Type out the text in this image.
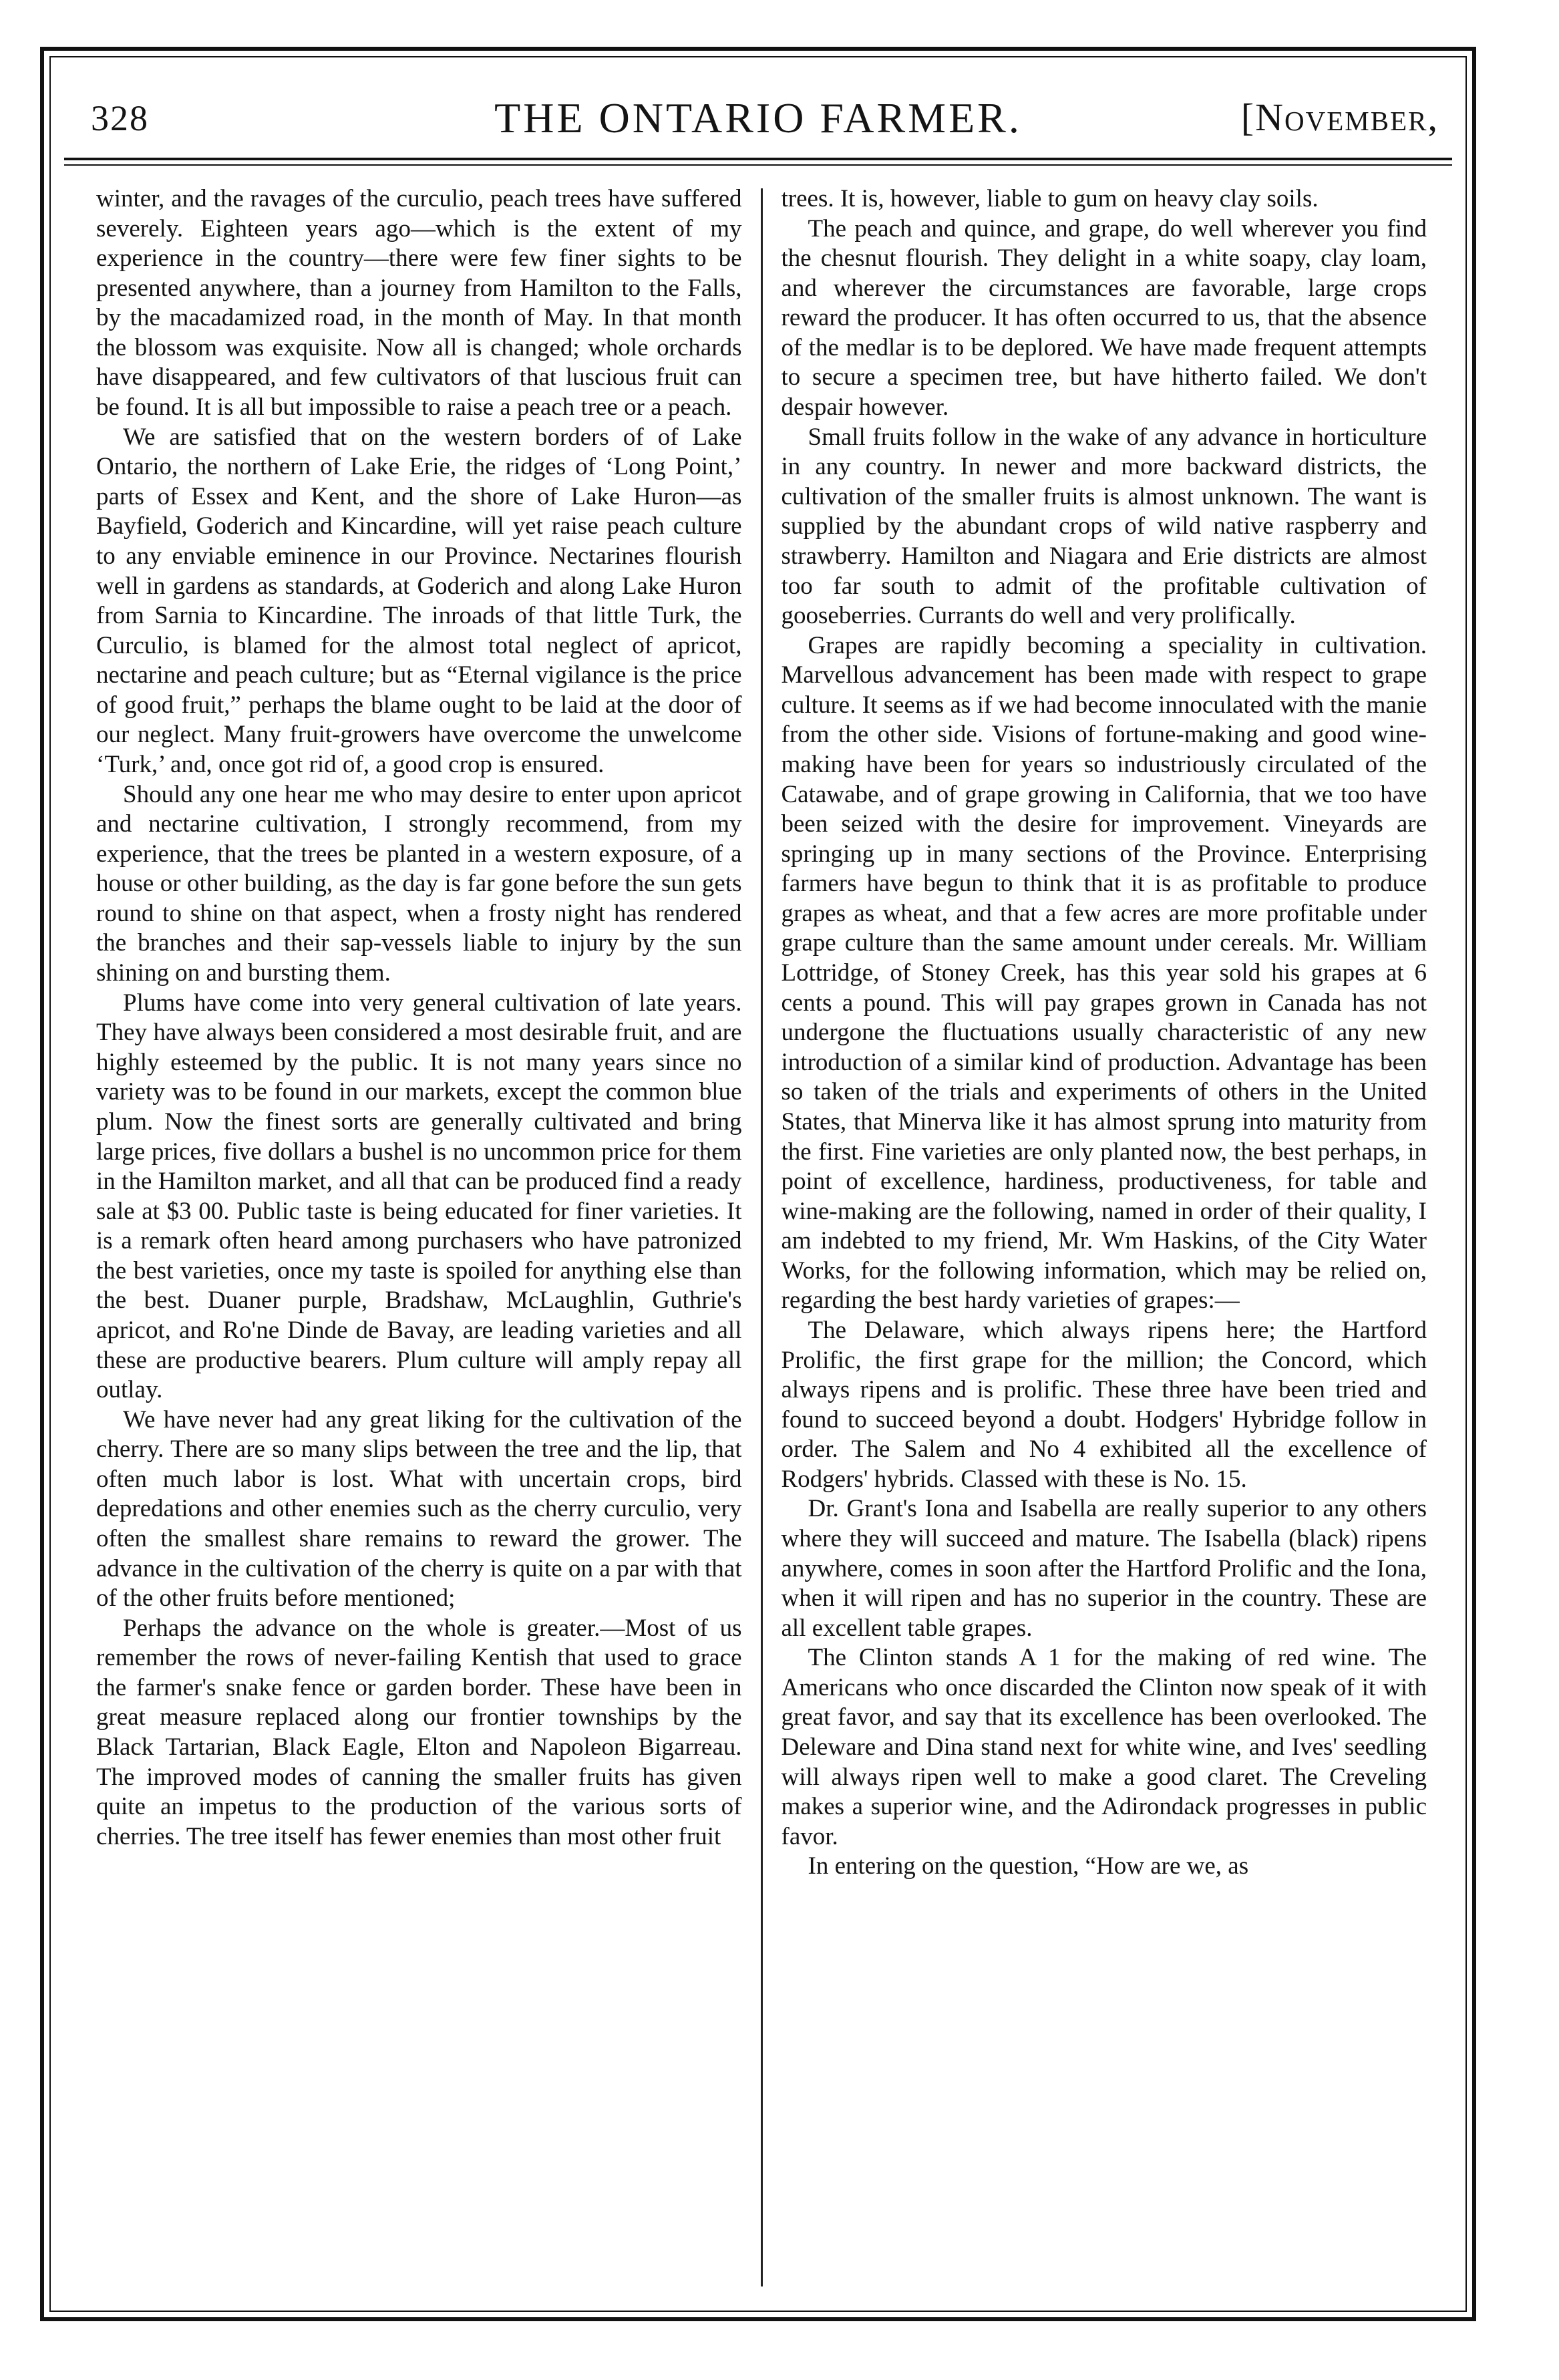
328	THE ONTARIO FARMER.	[November,

winter, and the ravages of the curculio, peach trees have suffered severely. Eighteen years ago—which is the extent of my experience in the country—there were few finer sights to be presented anywhere, than a journey from Hamilton to the Falls, by the macadamized road, in the month of May. In that month the blossom was exquisite. Now all is changed; whole orchards have disappeared, and few cultivators of that luscious fruit can be found. It is all but impossible to raise a peach tree or a peach.

We are satisfied that on the western borders of of Lake Ontario, the northern of Lake Erie, the ridges of ‘Long Point,’ parts of Essex and Kent, and the shore of Lake Huron—as Bayfield, Goderich and Kincardine, will yet raise peach culture to any enviable eminence in our Province. Nectarines flourish well in gardens as standards, at Goderich and along Lake Huron from Sarnia to Kincardine. The inroads of that little Turk, the Curculio, is blamed for the almost total neglect of apricot, nectarine and peach culture; but as “Eternal vigilance is the price of good fruit,” perhaps the blame ought to be laid at the door of our neglect. Many fruit-growers have overcome the unwelcome ‘Turk,’ and, once got rid of, a good crop is ensured.

Should any one hear me who may desire to enter upon apricot and nectarine cultivation, I strongly recommend, from my experience, that the trees be planted in a western exposure, of a house or other building, as the day is far gone before the sun gets round to shine on that aspect, when a frosty night has rendered the branches and their sap-vessels liable to injury by the sun shining on and bursting them.

Plums have come into very general cultivation of late years. They have always been considered a most desirable fruit, and are highly esteemed by the public. It is not many years since no variety was to be found in our markets, except the common blue plum. Now the finest sorts are generally cultivated and bring large prices, five dollars a bushel is no uncommon price for them in the Hamilton market, and all that can be produced find a ready sale at $3 00. Public taste is being educated for finer varieties. It is a remark often heard among purchasers who have patronized the best varieties, once my taste is spoiled for anything else than the best. Duaner purple, Bradshaw, McLaughlin, Guthrie's apricot, and Ro'ne Dinde de Bavay, are leading varieties and all these are productive bearers. Plum culture will amply repay all outlay.

We have never had any great liking for the cultivation of the cherry. There are so many slips between the tree and the lip, that often much labor is lost. What with uncertain crops, bird depredations and other enemies such as the cherry curculio, very often the smallest share remains to reward the grower. The advance in the cultivation of the cherry is quite on a par with that of the other fruits before mentioned;

Perhaps the advance on the whole is greater.—Most of us remember the rows of never-failing Kentish that used to grace the farmer's snake fence or garden border. These have been in great measure replaced along our frontier townships by the Black Tartarian, Black Eagle, Elton and Napoleon Bigarreau. The improved modes of canning the smaller fruits has given quite an impetus to the production of the various sorts of cherries. The tree itself has fewer enemies than most other fruit

trees. It is, however, liable to gum on heavy clay soils.

The peach and quince, and grape, do well wherever you find the chesnut flourish. They delight in a white soapy, clay loam, and wherever the circumstances are favorable, large crops reward the producer. It has often occurred to us, that the absence of the medlar is to be deplored. We have made frequent attempts to secure a specimen tree, but have hitherto failed. We don't despair however.

Small fruits follow in the wake of any advance in horticulture in any country. In newer and more backward districts, the cultivation of the smaller fruits is almost unknown. The want is supplied by the abundant crops of wild native raspberry and strawberry. Hamilton and Niagara and Erie districts are almost too far south to admit of the profitable cultivation of gooseberries. Currants do well and very prolifically.

Grapes are rapidly becoming a speciality in cultivation. Marvellous advancement has been made with respect to grape culture. It seems as if we had become innoculated with the manie from the other side. Visions of fortune-making and good wine-making have been for years so industriously circulated of the Catawabe, and of grape growing in California, that we too have been seized with the desire for improvement. Vineyards are springing up in many sections of the Province. Enterprising farmers have begun to think that it is as profitable to produce grapes as wheat, and that a few acres are more profitable under grape culture than the same amount under cereals. Mr. William Lottridge, of Stoney Creek, has this year sold his grapes at 6 cents a pound. This will pay grapes grown in Canada has not undergone the fluctuations usually characteristic of any new introduction of a similar kind of production. Advantage has been so taken of the trials and experiments of others in the United States, that Minerva like it has almost sprung into maturity from the first. Fine varieties are only planted now, the best perhaps, in point of excellence, hardiness, productiveness, for table and wine-making are the following, named in order of their quality, I am indebted to my friend, Mr. Wm Haskins, of the City Water Works, for the following information, which may be relied on, regarding the best hardy varieties of grapes:—

The Delaware, which always ripens here; the Hartford Prolific, the first grape for the million; the Concord, which always ripens and is prolific. These three have been tried and found to succeed beyond a doubt. Hodgers' Hybridge follow in order. The Salem and No 4 exhibited all the excellence of Rodgers' hybrids. Classed with these is No. 15.

Dr. Grant's Iona and Isabella are really superior to any others where they will succeed and mature. The Isabella (black) ripens anywhere, comes in soon after the Hartford Prolific and the Iona, when it will ripen and has no superior in the country. These are all excellent table grapes.

The Clinton stands A 1 for the making of red wine. The Americans who once discarded the Clinton now speak of it with great favor, and say that its excellence has been overlooked. The Deleware and Dina stand next for white wine, and Ives' seedling will always ripen well to make a good claret. The Creveling makes a superior wine, and the Adirondack progresses in public favor.

In entering on the question, “How are we, as
